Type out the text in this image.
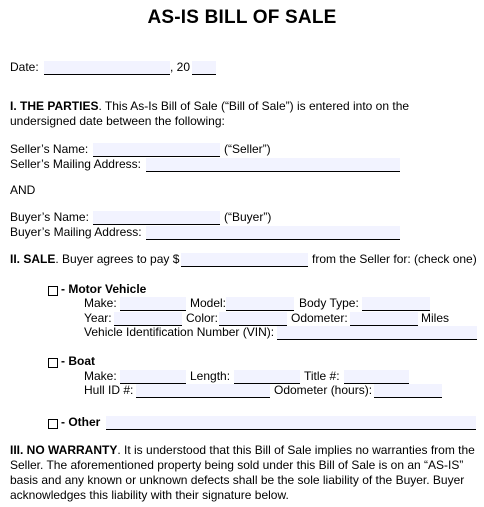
AS-IS BILL OF SALE
Date:	, 20
I. THE PARTIES. This As-Is Bill of Sale (“Bill of Sale”) is entered into on the
undersigned date between the following:
Seller’s Name:	(“Seller”)
Seller’s Mailing Address:
AND
Buyer’s Name:	(“Buyer”)
Buyer’s Mailing Address:
II. SALE. Buyer agrees to pay $	from the Seller for: (check one)
- Motor Vehicle
Make:	Model:	Body Type:
Year:	Color:	Odometer:	Miles
Vehicle Identification Number (VIN):
- Boat
Make:	Length:	Title #:
Hull ID #:	Odometer (hours):
- Other
III. NO WARRANTY. It is understood that this Bill of Sale implies no warranties from the
Seller. The aforementioned property being sold under this Bill of Sale is on an “AS-IS”
basis and any known or unknown defects shall be the sole liability of the Buyer. Buyer
acknowledges this liability with their signature below.
